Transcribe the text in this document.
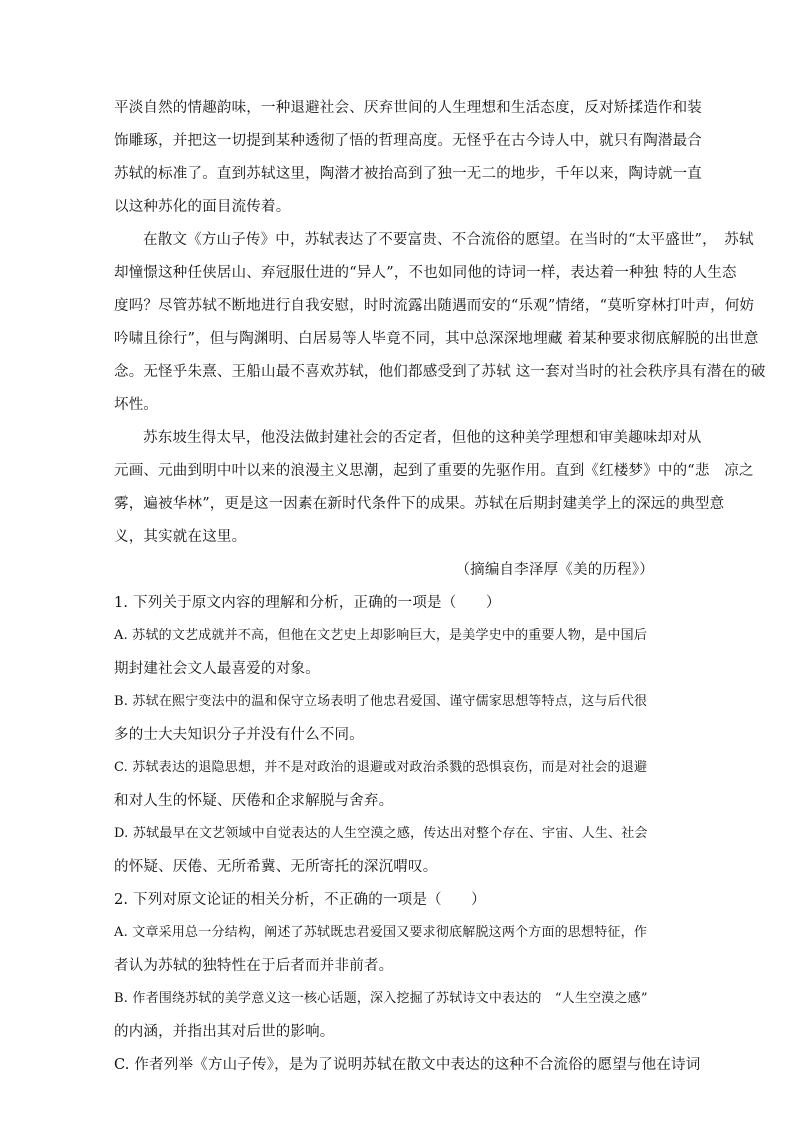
平淡自然的情趣韵味，一种退避社会、厌弃世间的人生理想和生活态度，反对矫揉造作和装
饰雕琢，并把这一切提到某种透彻了悟的哲理高度。无怪乎在古今诗人中，就只有陶潜最合
苏轼的标准了。直到苏轼这里，陶潜才被抬高到了独一无二的地步，千年以来，陶诗就一直
以这种苏化的面目流传着。
在散文《方山子传》中，苏轼表达了不要富贵、不合流俗的愿望。在当时的“太平盛世”，　苏轼
却憧憬这种任侠居山、弃冠服仕进的“异人”，不也如同他的诗词一样，表达着一种独 特的人生态
度吗？尽管苏轼不断地进行自我安慰，时时流露出随遇而安的“乐观”情绪，“莫听穿林打叶声，何妨
吟啸且徐行”，但与陶渊明、白居易等人毕竟不同，其中总深深地埋藏 着某种要求彻底解脱的出世意
念。无怪乎朱熹、王船山最不喜欢苏轼，他们都感受到了苏轼 这一套对当时的社会秩序具有潜在的破
坏性。
苏东坡生得太早，他没法做封建社会的否定者，但他的这种美学理想和审美趣味却对从
元画、元曲到明中叶以来的浪漫主义思潮，起到了重要的先驱作用。直到《红楼梦》中的“悲　凉之
雾，遍被华林”，更是这一因素在新时代条件下的成果。苏轼在后期封建美学上的深远的典型意
义，其实就在这里。
（摘编自李泽厚《美的历程》）
1. 下列关于原文内容的理解和分析，正确的一项是（　　）
A. 苏轼的文艺成就并不高，但他在文艺史上却影响巨大，是美学史中的重要人物，是中国后
期封建社会文人最喜爱的对象。
B. 苏轼在熙宁变法中的温和保守立场表明了他忠君爱国、谨守儒家思想等特点，这与后代很
多的士大夫知识分子并没有什么不同。
C. 苏轼表达的退隐思想，并不是对政治的退避或对政治杀戮的恐惧哀伤，而是对社会的退避
和对人生的怀疑、厌倦和企求解脱与舍弃。
D. 苏轼最早在文艺领域中自觉表达的人生空漠之感，传达出对整个存在、宇宙、人生、社会
的怀疑、厌倦、无所希冀、无所寄托的深沉喟叹。
2. 下列对原文论证的相关分析，不正确的一项是（　　）
A. 文章采用总一分结构，阐述了苏轼既忠君爱国又要求彻底解脱这两个方面的思想特征，作
者认为苏轼的独特性在于后者而并非前者。
B. 作者围绕苏轼的美学意义这一核心话题，深入挖掘了苏轼诗文中表达的　“人生空漠之感”
的内涵，并指出其对后世的影响。
C. 作者列举《方山子传》，是为了说明苏轼在散文中表达的这种不合流俗的愿望与他在诗词
